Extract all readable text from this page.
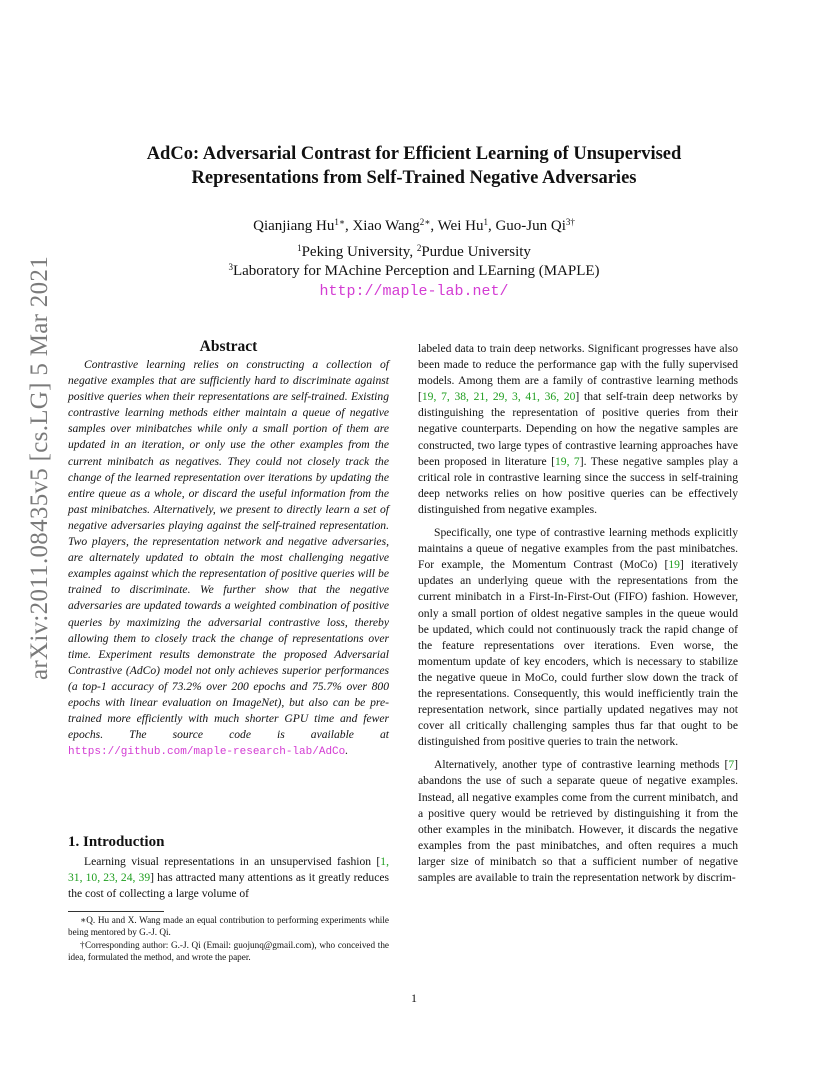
arXiv:2011.08435v5 [cs.LG] 5 Mar 2021
AdCo: Adversarial Contrast for Efficient Learning of Unsupervised
Representations from Self-Trained Negative Adversaries
Qianjiang $Hu^{1∗}$, Xiao Wang$^{2∗}$, Wei Hu$^1$, Guo-Jun $Qi^{3\dagger}$
$^1$Peking University, $^2$Purdue University
$^3$Laboratory for MAchine Perception and LEarning (MAPLE)
http://maple-lab.net/
Abstract
Contrastive learning relies on constructing a collection of negative examples that are sufficiently hard to discriminate against positive queries when their representations are self-trained. Existing contrastive learning methods either maintain a queue of negative samples over minibatches while only a small portion of them are updated in an iteration, or only use the other examples from the current minibatch as negatives. They could not closely track the change of the learned representation over iterations by updating the entire queue as a whole, or discard the useful information from the past minibatches. Alternatively, we present to directly learn a set of negative adversaries playing against the self-trained representation. Two players, the representation network and negative adversaries, are alternately updated to obtain the most challenging negative examples against which the representation of positive queries will be trained to discriminate. We further show that the negative adversaries are updated towards a weighted combination of positive queries by maximizing the adversarial contrastive loss, thereby allowing them to closely track the change of representations over time. Experiment results demonstrate the proposed Adversarial Contrastive (AdCo) model not only achieves superior performances (a top-1 accuracy of 73.2% over 200 epochs and 75.7% over 800 epochs with linear evaluation on ImageNet), but also can be pre-trained more efficiently with much shorter GPU time and fewer epochs. The source code is available at https://github.com/maple-research-lab/AdCo.
1. Introduction
Learning visual representations in an unsupervised fashion [1, 31, 10, 23, 24, 39] has attracted many attentions as it greatly reduces the cost of collecting a large volume of
∗Q. Hu and X. Wang made an equal contribution to performing experiments while being mentored by G.-J. Qi.
†Corresponding author: G.-J. Qi (Email: guojunq@gmail.com), who conceived the idea, formulated the method, and wrote the paper.

labeled data to train deep networks. Significant progresses have also been made to reduce the performance gap with the fully supervised models. Among them are a family of contrastive learning methods [19, 7, 38, 21, 29, 3, 41, 36, 20] that self-train deep networks by distinguishing the representation of positive queries from their negative counterparts. Depending on how the negative samples are constructed, two large types of contrastive learning approaches have been proposed in literature [19, 7]. These negative samples play a critical role in contrastive learning since the success in self-training deep networks relies on how positive queries can be effectively distinguished from negative examples.

Specifically, one type of contrastive learning methods explicitly maintains a queue of negative examples from the past minibatches. For example, the Momentum Contrast (MoCo) [19] iteratively updates an underlying queue with the representations from the current minibatch in a First-In-First-Out (FIFO) fashion. However, only a small portion of oldest negative samples in the queue would be updated, which could not continuously track the rapid change of the feature representations over iterations. Even worse, the momentum update of key encoders, which is necessary to stabilize the negative queue in MoCo, could further slow down the track of the representations. Consequently, this would inefficiently train the representation network, since partially updated negatives may not cover all critically challenging samples thus far that ought to be distinguished from positive queries to train the network.

Alternatively, another type of contrastive learning methods [7] abandons the use of such a separate queue of negative examples. Instead, all negative examples come from the current minibatch, and a positive query would be retrieved by distinguishing it from the other examples in the minibatch. However, it discards the negative examples from the past minibatches, and often requires a much larger size of minibatch so that a sufficient number of negative samples are available to train the representation network by discrim-

1
